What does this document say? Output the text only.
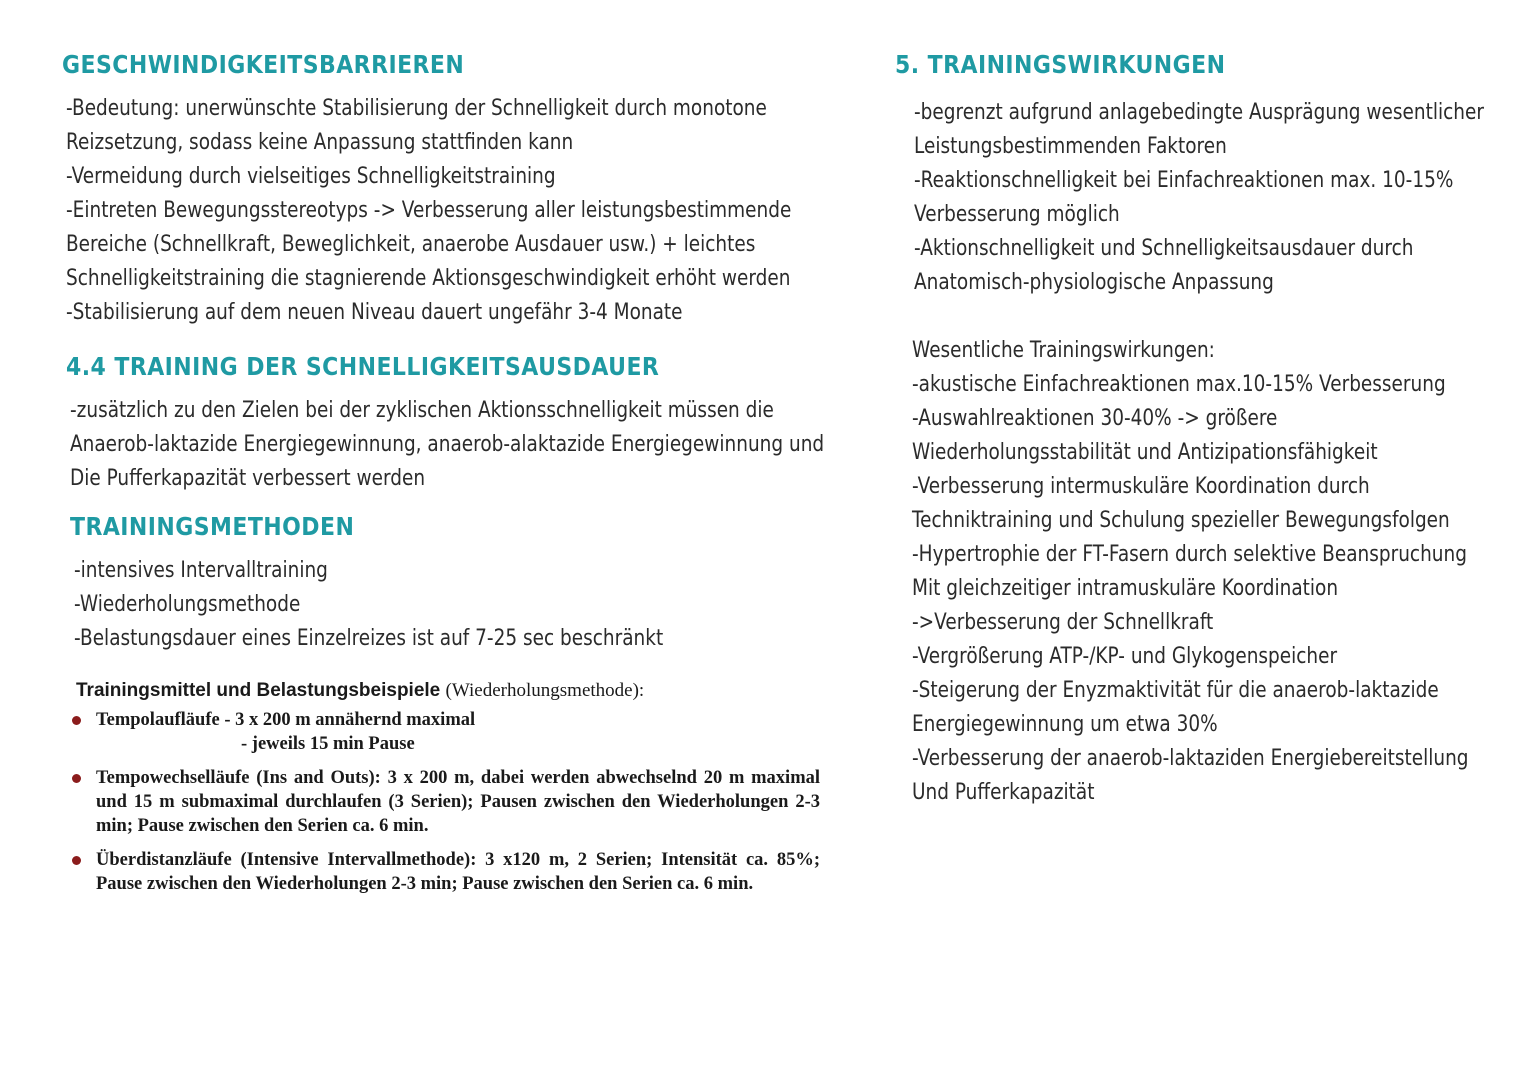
GESCHWINDIGKEITSBARRIEREN
-Bedeutung: unerwünschte Stabilisierung der Schnelligkeit durch monotone
Reizsetzung, sodass keine Anpassung stattfinden kann
-Vermeidung durch vielseitiges Schnelligkeitstraining
-Eintreten Bewegungsstereotyps -> Verbesserung aller leistungsbestimmende
Bereiche (Schnellkraft, Beweglichkeit, anaerobe Ausdauer usw.) + leichtes
Schnelligkeitstraining die stagnierende Aktionsgeschwindigkeit erhöht werden
-Stabilisierung auf dem neuen Niveau dauert ungefähr 3-4 Monate
4.4 TRAINING DER SCHNELLIGKEITSAUSDAUER
-zusätzlich zu den Zielen bei der zyklischen Aktionsschnelligkeit müssen die
Anaerob-laktazide Energiegewinnung, anaerob-alaktazide Energiegewinnung und
Die Pufferkapazität verbessert werden
TRAININGSMETHODEN
-intensives Intervalltraining
-Wiederholungsmethode
-Belastungsdauer eines Einzelreizes ist auf 7-25 sec beschränkt
Trainingsmittel und Belastungsbeispiele (Wiederholungsmethode):
Tempolaufläufe - 3 x 200 m annähernd maximal
- jeweils 15 min Pause
Tempowechselläufe (Ins and Outs): 3 x 200 m, dabei werden abwechselnd 20 m maximal und 15 m submaximal durchlaufen (3 Serien); Pausen zwischen den Wiederholungen 2-3 min; Pause zwischen den Serien ca. 6 min.
Überdistanzläufe (Intensive Intervallmethode): 3 x120 m, 2 Serien; Intensität ca. 85%; Pause zwischen den Wiederholungen 2-3 min; Pause zwischen den Serien ca. 6 min.
5. TRAININGSWIRKUNGEN
-begrenzt aufgrund anlagebedingte Ausprägung wesentlicher
Leistungsbestimmenden Faktoren
-Reaktionschnelligkeit bei Einfachreaktionen max. 10-15%
Verbesserung möglich
-Aktionschnelligkeit und Schnelligkeitsausdauer durch
Anatomisch-physiologische Anpassung
Wesentliche Trainingswirkungen:
-akustische Einfachreaktionen max.10-15% Verbesserung
-Auswahlreaktionen 30-40% -> größere
Wiederholungsstabilität und Antizipationsfähigkeit
-Verbesserung intermuskuläre Koordination durch
Techniktraining und Schulung spezieller Bewegungsfolgen
-Hypertrophie der FT-Fasern durch selektive Beanspruchung
Mit gleichzeitiger intramuskuläre Koordination
->Verbesserung der Schnellkraft
-Vergrößerung ATP-/KP- und Glykogenspeicher
-Steigerung der Enyzmaktivität für die anaerob-laktazide
Energiegewinnung um etwa 30%
-Verbesserung der anaerob-laktaziden Energiebereitstellung
Und Pufferkapazität
